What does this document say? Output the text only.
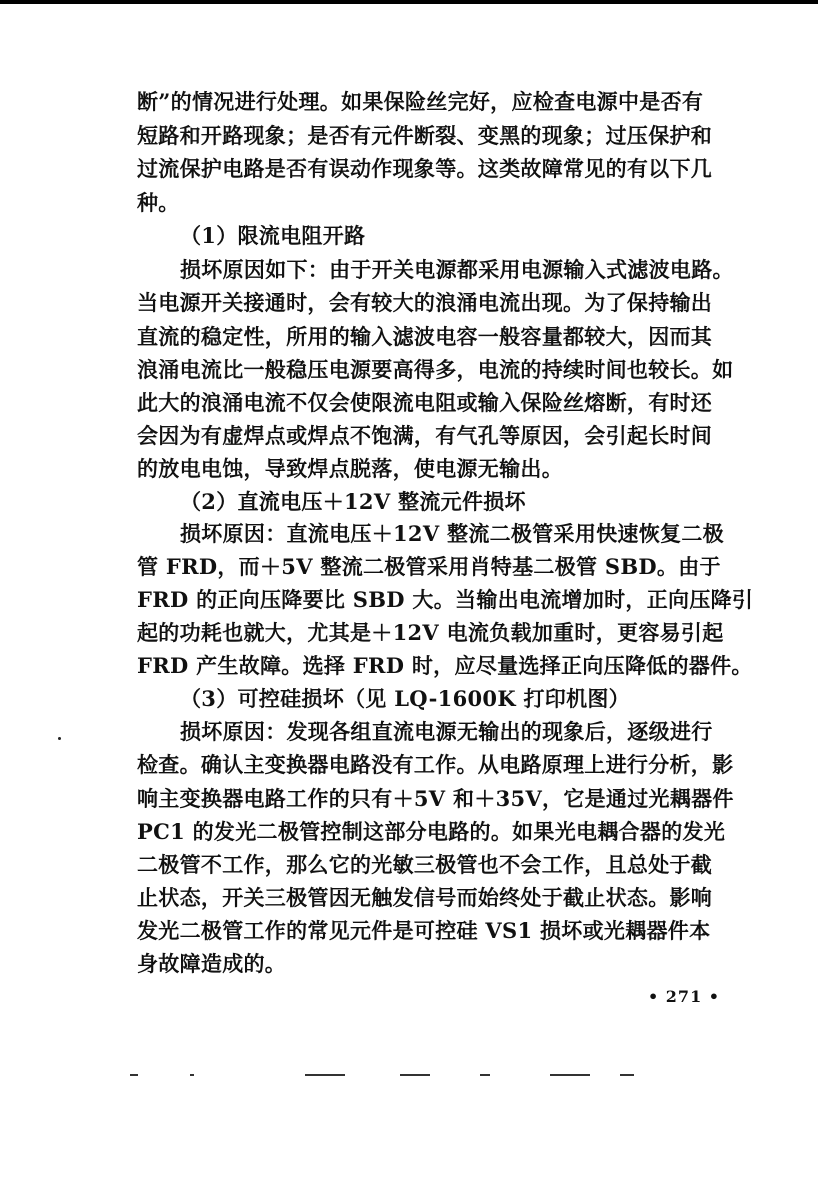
断”的情况进行处理。如果保险丝完好，应检查电源中是否有
短路和开路现象；是否有元件断裂、变黑的现象；过压保护和
过流保护电路是否有误动作现象等。这类故障常见的有以下几
种。
（1）限流电阻开路
损坏原因如下：由于开关电源都采用电源输入式滤波电路。
当电源开关接通时，会有较大的浪涌电流出现。为了保持输出
直流的稳定性，所用的输入滤波电容一般容量都较大，因而其
浪涌电流比一般稳压电源要高得多，电流的持续时间也较长。如
此大的浪涌电流不仅会使限流电阻或输入保险丝熔断，有时还
会因为有虚焊点或焊点不饱满，有气孔等原因，会引起长时间
的放电电蚀，导致焊点脱落，使电源无输出。
（2）直流电压＋12V 整流元件损坏
损坏原因：直流电压＋12V 整流二极管采用快速恢复二极
管 FRD，而＋5V 整流二极管采用肖特基二极管 SBD。由于
FRD 的正向压降要比 SBD 大。当输出电流增加时，正向压降引
起的功耗也就大，尤其是＋12V 电流负载加重时，更容易引起
FRD 产生故障。选择 FRD 时，应尽量选择正向压降低的器件。
（3）可控硅损坏（见 LQ-1600K 打印机图）
损坏原因：发现各组直流电源无输出的现象后，逐级进行
检查。确认主变换器电路没有工作。从电路原理上进行分析，影
响主变换器电路工作的只有＋5V 和＋35V，它是通过光耦器件
PC1 的发光二极管控制这部分电路的。如果光电耦合器的发光
二极管不工作，那么它的光敏三极管也不会工作，且总处于截
止状态，开关三极管因无触发信号而始终处于截止状态。影响
发光二极管工作的常见元件是可控硅 VS1 损坏或光耦器件本
身故障造成的。
• 271 •
